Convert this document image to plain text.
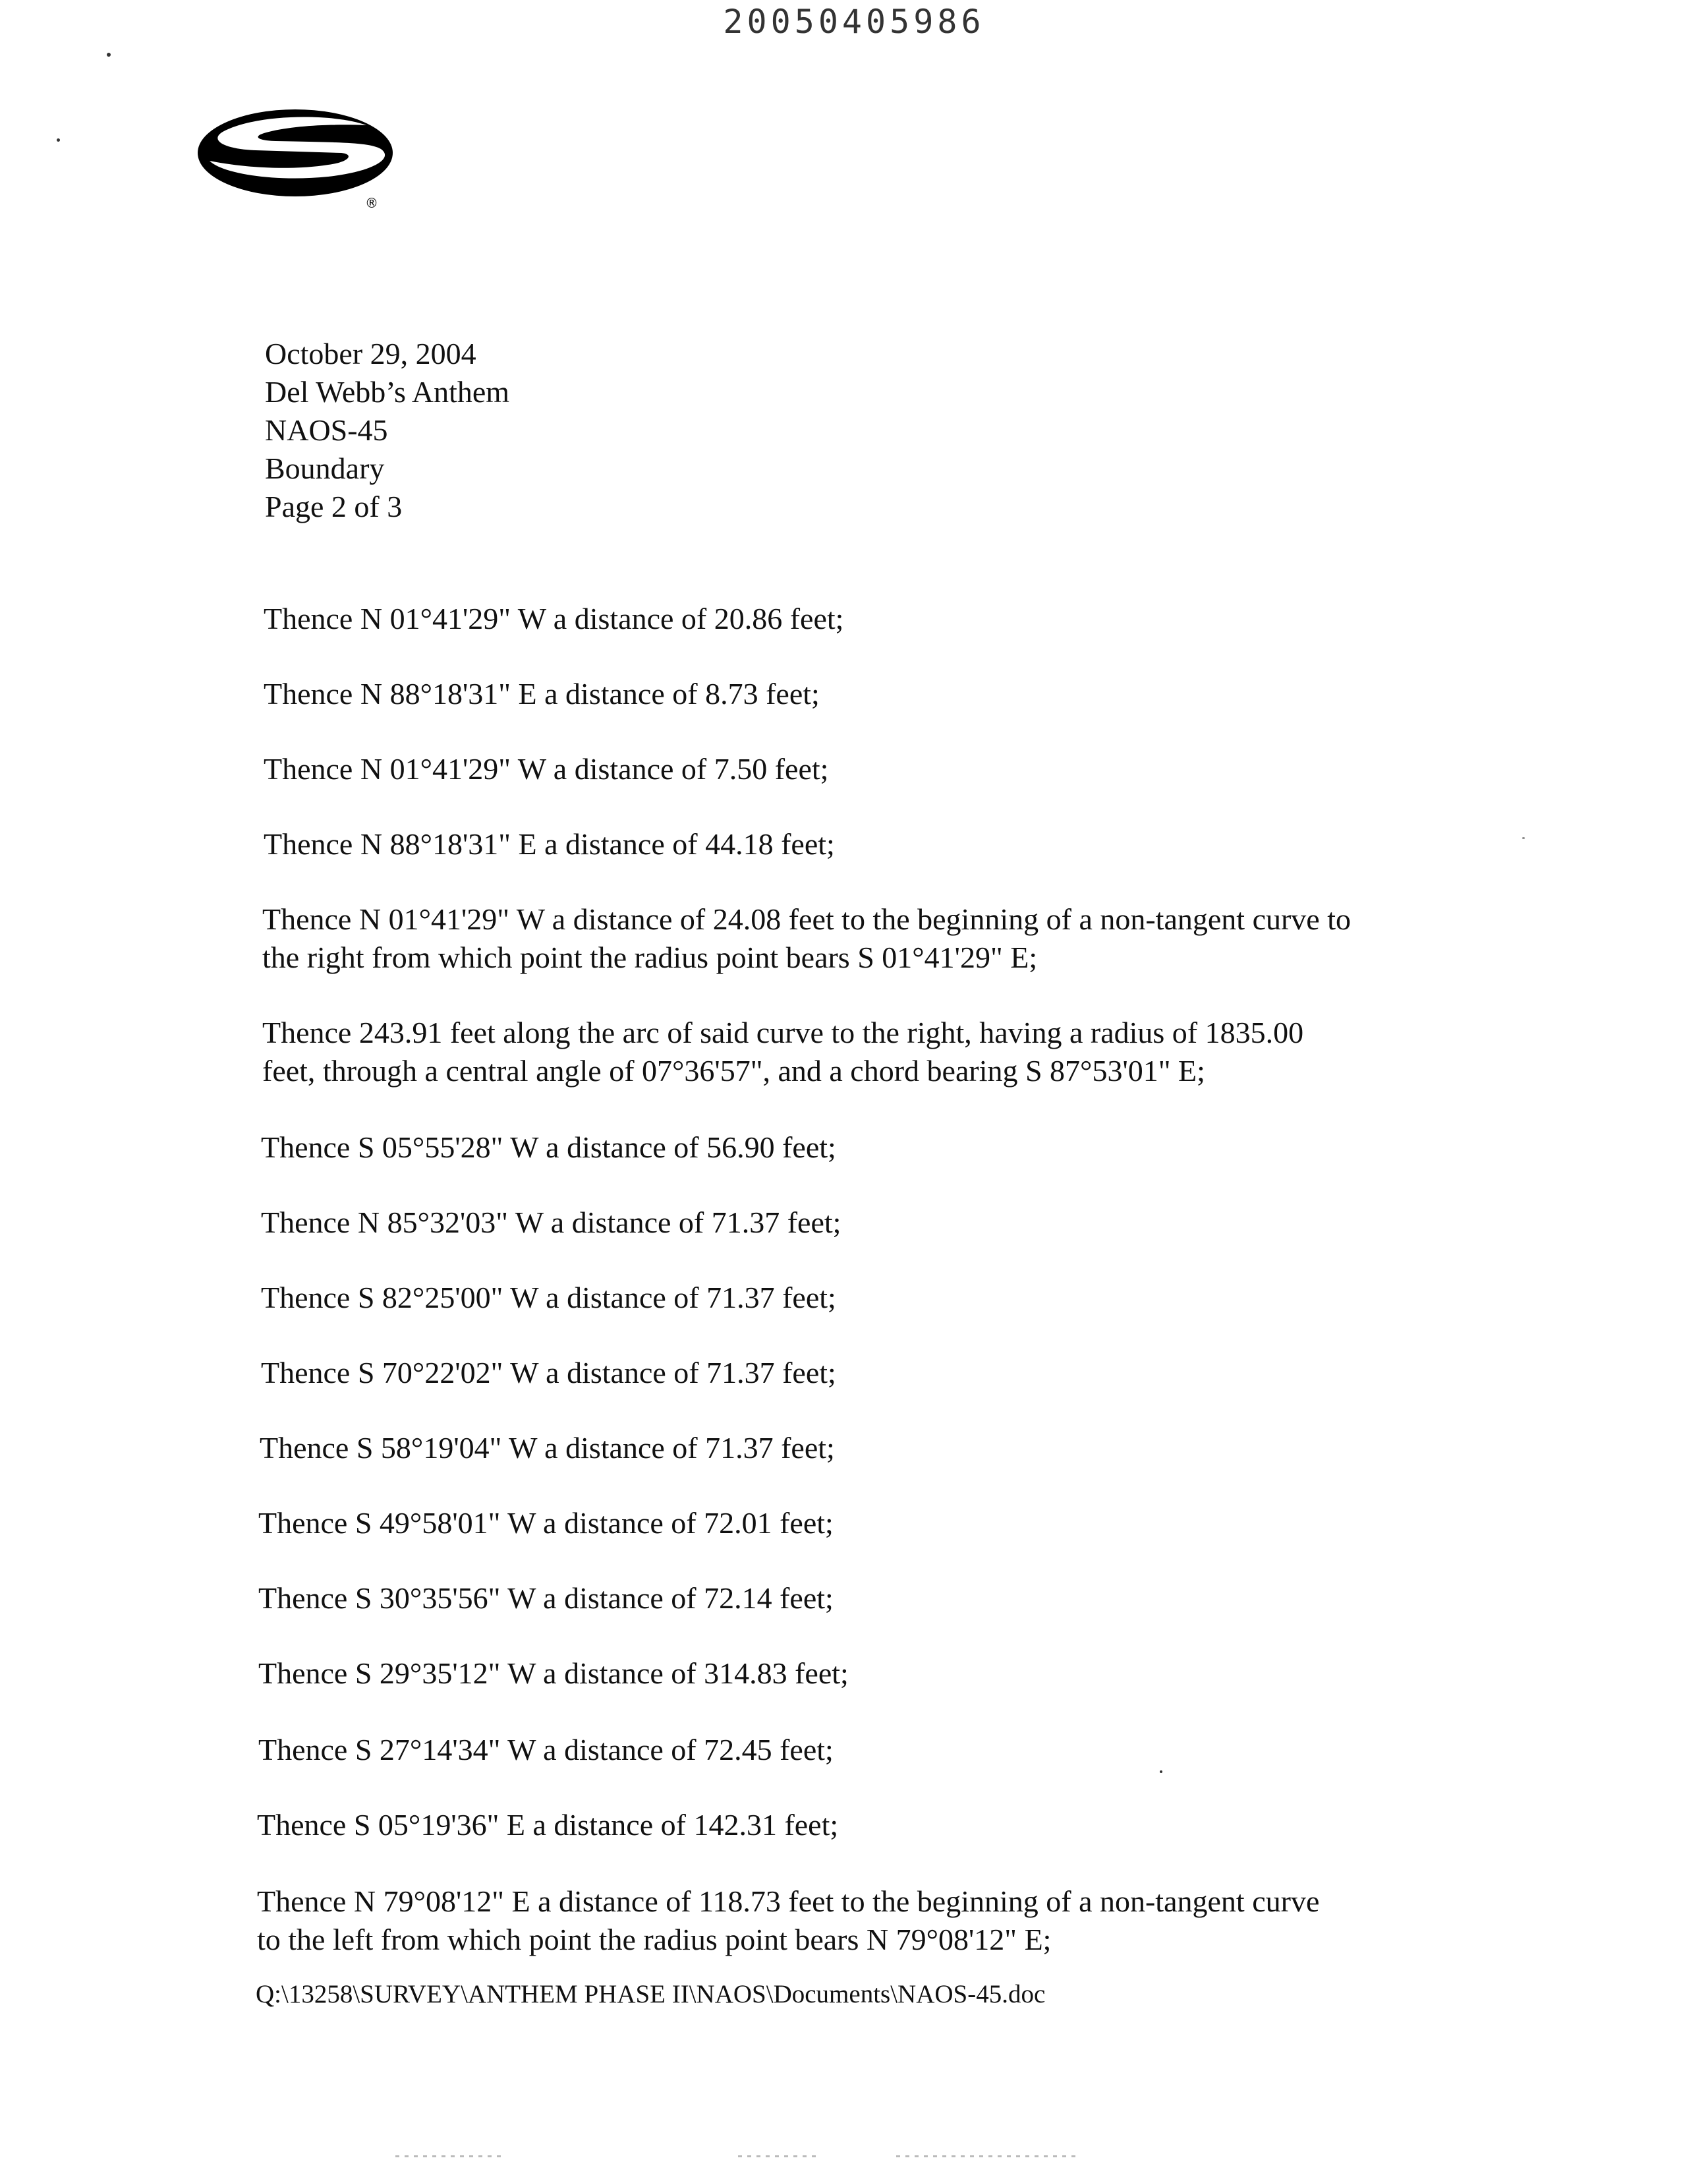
20050405986
®
October 29, 2004
Del Webb’s Anthem
NAOS-45
Boundary
Page 2 of 3
Thence N 01°41'29" W a distance of 20.86 feet;
Thence N 88°18'31" E a distance of 8.73 feet;
Thence N 01°41'29" W a distance of 7.50 feet;
Thence N 88°18'31" E a distance of 44.18 feet;
Thence N 01°41'29" W a distance of 24.08 feet to the beginning of a non-tangent curve to
the right from which point the radius point bears S 01°41'29" E;
Thence 243.91 feet along the arc of said curve to the right, having a radius of 1835.00
feet, through a central angle of 07°36'57", and a chord bearing S 87°53'01" E;
Thence S 05°55'28" W a distance of 56.90 feet;
Thence N 85°32'03" W a distance of 71.37 feet;
Thence S 82°25'00" W a distance of 71.37 feet;
Thence S 70°22'02" W a distance of 71.37 feet;
Thence S 58°19'04" W a distance of 71.37 feet;
Thence S 49°58'01" W a distance of 72.01 feet;
Thence S 30°35'56" W a distance of 72.14 feet;
Thence S 29°35'12" W a distance of 314.83 feet;
Thence S 27°14'34" W a distance of 72.45 feet;
Thence S 05°19'36" E a distance of 142.31 feet;
Thence N 79°08'12" E a distance of 118.73 feet to the beginning of a non-tangent curve
to the left from which point the radius point bears N 79°08'12" E;
Q:\13258\SURVEY\ANTHEM PHASE II\NAOS\Documents\NAOS-45.doc
